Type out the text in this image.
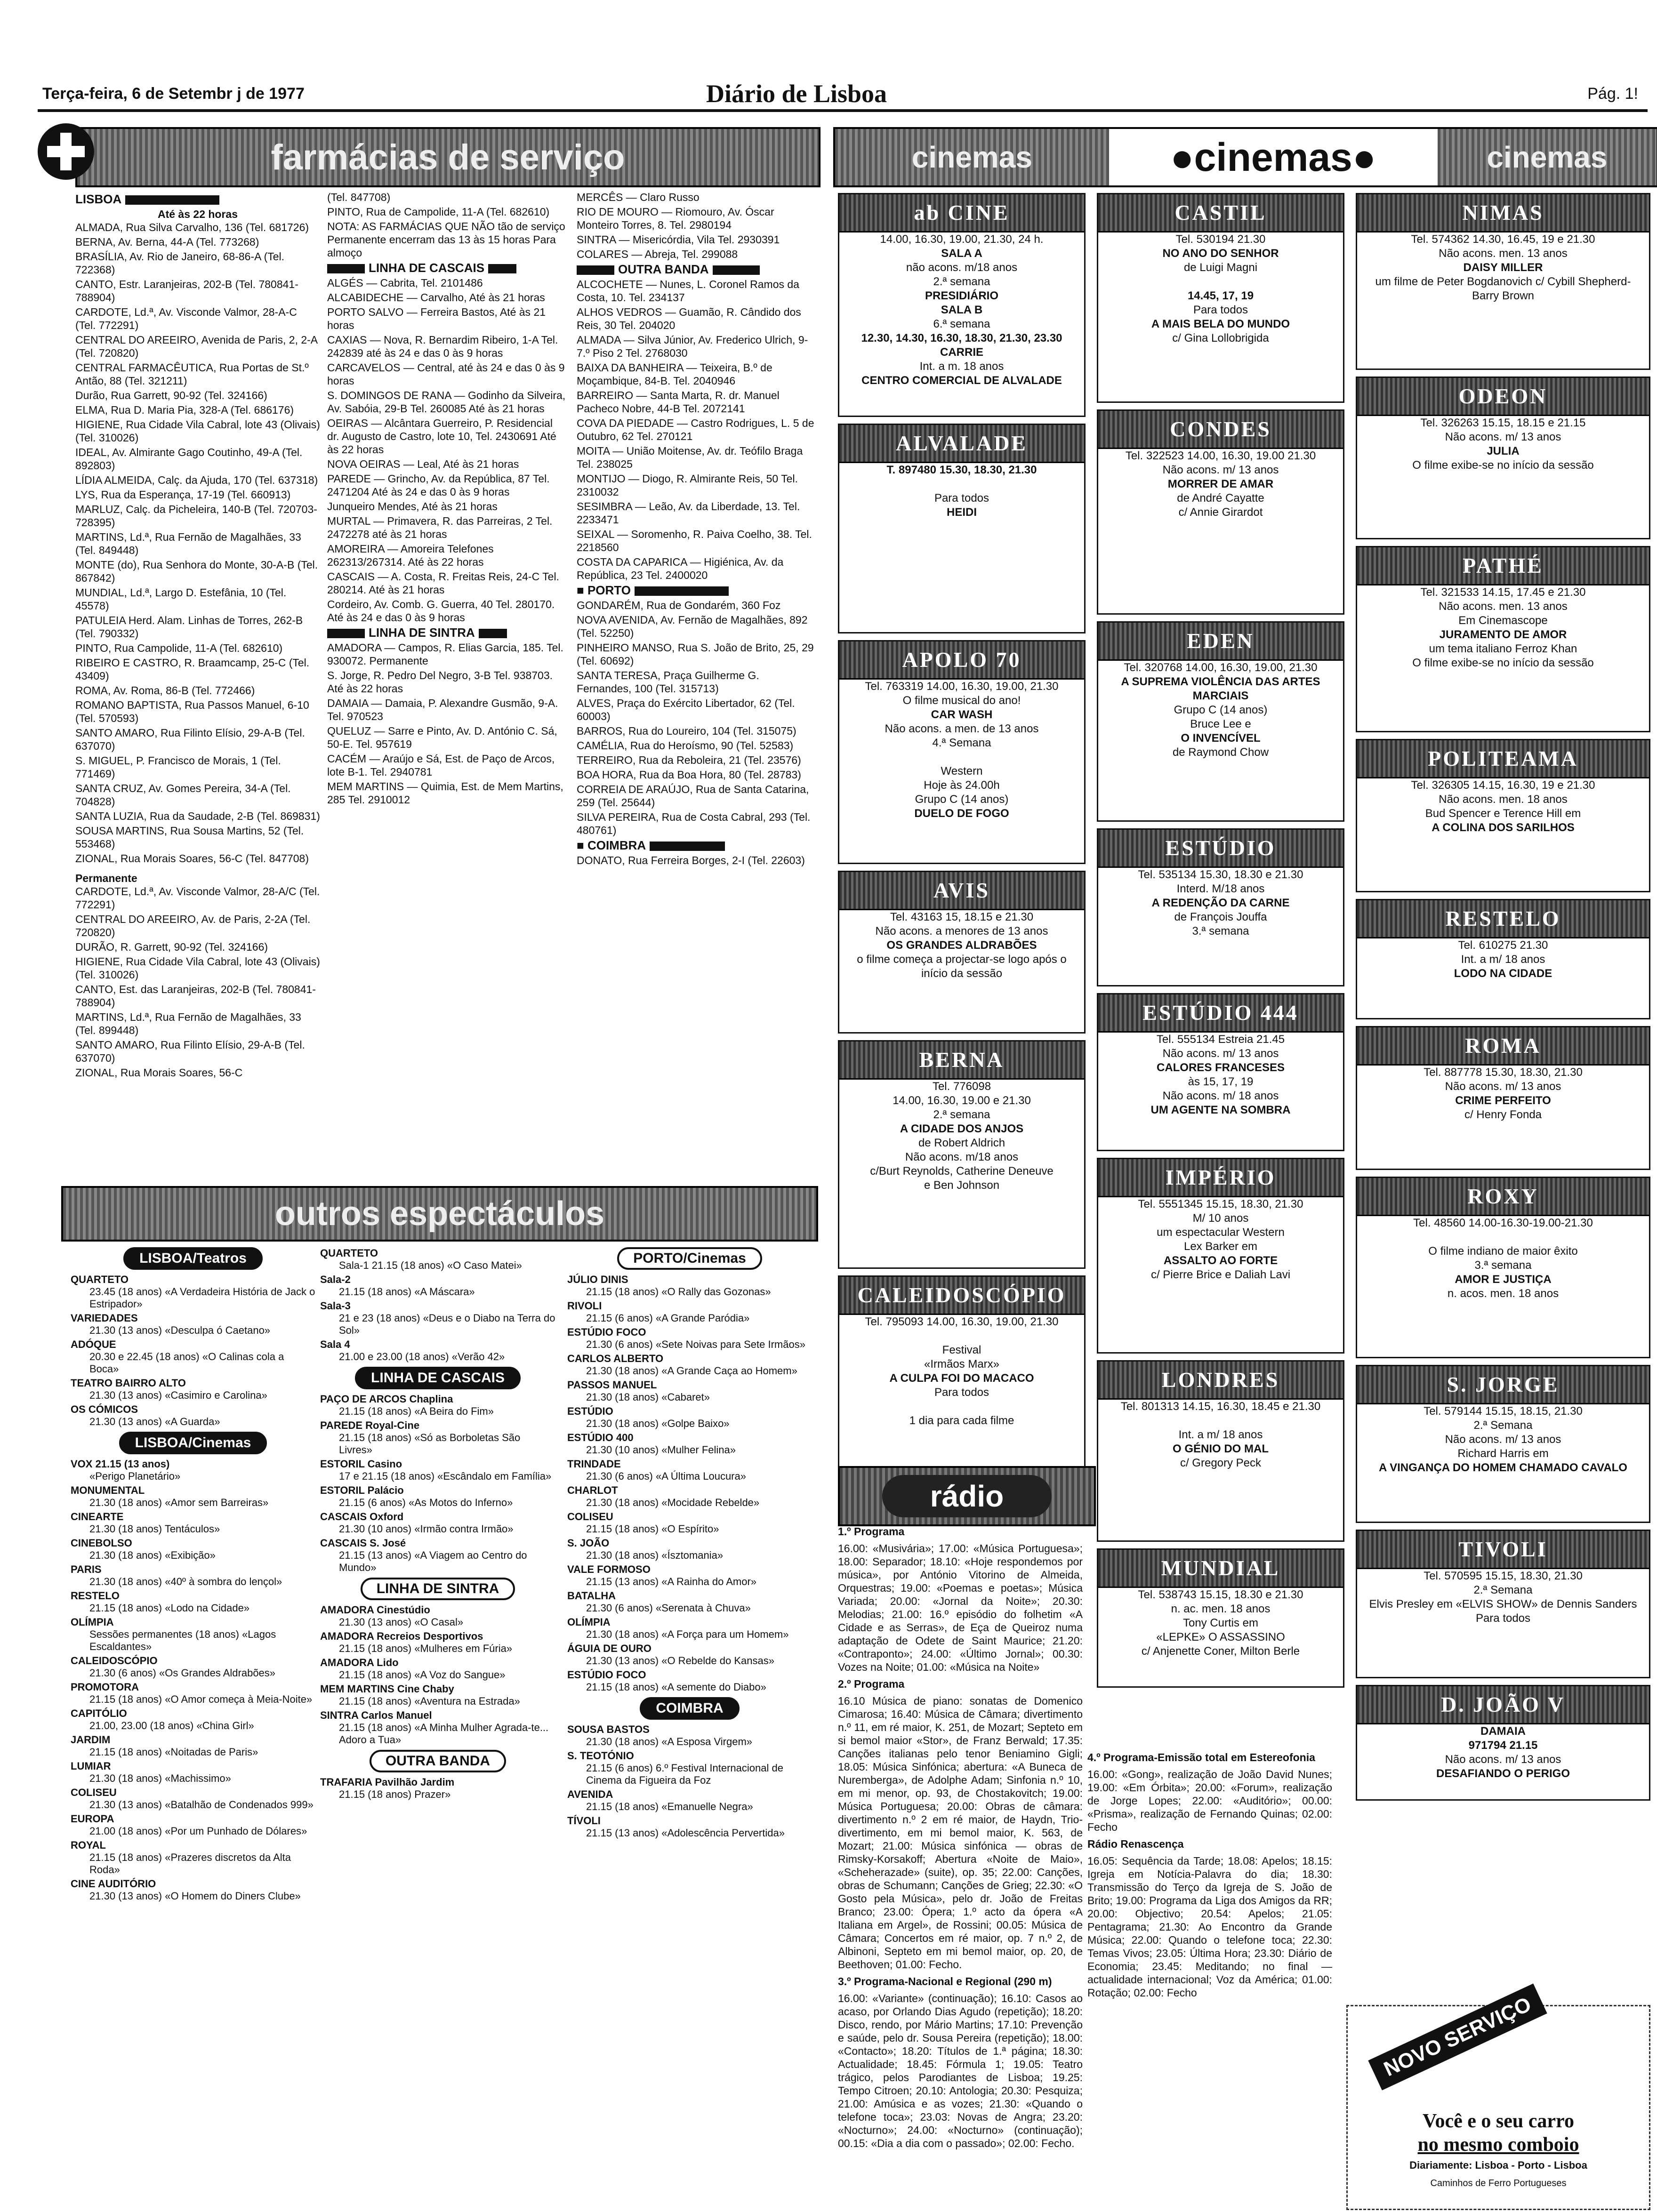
Terça-feira, 6 de Setembr j de 1977	Diário de Lisboa	Pág. 1!
farmácias de serviço
LISBOA
Até às 22 horas
ALMADA, Rua Silva Carvalho, 136 (Tel. 681726)
BERNA, Av. Berna, 44-A (Tel. 773268)
BRASÍLIA, Av. Rio de Janeiro, 68-86-A (Tel. 722368)
CANTO, Estr. Laranjeiras, 202-B (Tel. 780841-788904)
CARDOTE, Ld.ª, Av. Visconde Valmor, 28-A-C (Tel. 772291)
CENTRAL DO AREEIRO, Avenida de Paris, 2, 2-A (Tel. 720820)
CENTRAL FARMACÊUTICA, Rua Portas de St.º Antão, 88 (Tel. 321211)
Durão, Rua Garrett, 90-92 (Tel. 324166)
ELMA, Rua D. Maria Pia, 328-A (Tel. 686176)
HIGIENE, Rua Cidade Vila Cabral, lote 43 (Olivais) (Tel. 310026)
IDEAL, Av. Almirante Gago Coutinho, 49-A (Tel. 892803)
LÍDIA ALMEIDA, Calç. da Ajuda, 170 (Tel. 637318)
LYS, Rua da Esperança, 17-19 (Tel. 660913)
MARLUZ, Calç. da Picheleira, 140-B (Tel. 720703-728395)
MARTINS, Ld.ª, Rua Fernão de Magalhães, 33 (Tel. 849448)
MONTE (do), Rua Senhora do Monte, 30-A-B (Tel. 867842)
MUNDIAL, Ld.ª, Largo D. Estefânia, 10 (Tel. 45578)
PATULEIA Herd. Alam. Linhas de Torres, 262-B (Tel. 790332)
PINTO, Rua Campolide, 11-A (Tel. 682610)
RIBEIRO E CASTRO, R. Braamcamp, 25-C (Tel. 43409)
ROMA, Av. Roma, 86-B (Tel. 772466)
ROMANO BAPTISTA, Rua Passos Manuel, 6-10 (Tel. 570593)
SANTO AMARO, Rua Filinto Elísio, 29-A-B (Tel. 637070)
S. MIGUEL, P. Francisco de Morais, 1 (Tel. 771469)
SANTA CRUZ, Av. Gomes Pereira, 34-A (Tel. 704828)
SANTA LUZIA, Rua da Saudade, 2-B (Tel. 869831)
SOUSA MARTINS, Rua Sousa Martins, 52 (Tel. 553468)
ZIONAL, Rua Morais Soares, 56-C (Tel. 847708)
Permanente
CARDOTE, Ld.ª, Av. Visconde Valmor, 28-A/C (Tel. 772291)
CENTRAL DO AREEIRO, Av. de Paris, 2-2A (Tel. 720820)
DURÃO, R. Garrett, 90-92 (Tel. 324166)
HIGIENE, Rua Cidade Vila Cabral, lote 43 (Olivais) (Tel. 310026)
CANTO, Est. das Laranjeiras, 202-B (Tel. 780841-788904)
MARTINS, Ld.ª, Rua Fernão de Magalhães, 33 (Tel. 899448)
SANTO AMARO, Rua Filinto Elísio, 29-A-B (Tel. 637070)
ZIONAL, Rua Morais Soares, 56-C
(Tel. 847708)
PINTO, Rua de Campolide, 11-A (Tel. 682610)
NOTA: AS FARMÁCIAS QUE NÃO tão de serviço Permanente encerram das 13 às 15 horas Para almoço
LINHA DE CASCAIS
ALGÉS — Cabrita, Tel. 2101486
ALCABIDECHE — Carvalho, Até às 21 horas
PORTO SALVO — Ferreira Bastos, Até às 21 horas
CAXIAS — Nova, R. Bernardim Ribeiro, 1-A Tel. 242839 até às 24 e das 0 às 9 horas
CARCAVELOS — Central, até às 24 e das 0 às 9 horas
S. DOMINGOS DE RANA — Godinho da Silveira, Av. Sabóia, 29-B Tel. 260085 Até às 21 horas
OEIRAS — Alcântara Guerreiro, P. Residencial dr. Augusto de Castro, lote 10, Tel. 2430691 Até às 22 horas
NOVA OEIRAS — Leal, Até às 21 horas
PAREDE — Grincho, Av. da República, 87 Tel. 2471204 Até às 24 e das 0 às 9 horas
Junqueiro Mendes, Até às 21 horas
MURTAL — Primavera, R. das Parreiras, 2 Tel. 2472278 até às 21 horas
AMOREIRA — Amoreira Telefones 262313/267314. Até às 22 horas
CASCAIS — A. Costa, R. Freitas Reis, 24-C Tel. 280214. Até às 21 horas
Cordeiro, Av. Comb. G. Guerra, 40 Tel. 280170. Até às 24 e das 0 às 9 horas
LINHA DE SINTRA
AMADORA — Campos, R. Elias Garcia, 185. Tel. 930072. Permanente
S. Jorge, R. Pedro Del Negro, 3-B Tel. 938703. Até às 22 horas
DAMAIA — Damaia, P. Alexandre Gusmão, 9-A. Tel. 970523
QUELUZ — Sarre e Pinto, Av. D. António C. Sá, 50-E. Tel. 957619
CACÉM — Araújo e Sá, Est. de Paço de Arcos, lote B-1. Tel. 2940781
MEM MARTINS — Quimia, Est. de Mem Martins, 285 Tel. 2910012
MERCÊS — Claro Russo
RIO DE MOURO — Riomouro, Av. Óscar Monteiro Torres, 8. Tel. 2980194
SINTRA — Misericórdia, Vila Tel. 2930391
COLARES — Abreja, Tel. 299088
OUTRA BANDA
ALCOCHETE — Nunes, L. Coronel Ramos da Costa, 10. Tel. 234137
ALHOS VEDROS — Guamão, R. Cândido dos Reis, 30 Tel. 204020
ALMADA — Silva Júnior, Av. Frederico Ulrich, 9-7.º Piso 2 Tel. 2768030
BAIXA DA BANHEIRA — Teixeira, B.º de Moçambique, 84-B. Tel. 2040946
BARREIRO — Santa Marta, R. dr. Manuel Pacheco Nobre, 44-B Tel. 2072141
COVA DA PIEDADE — Castro Rodrigues, L. 5 de Outubro, 62 Tel. 270121
MOITA — União Moitense, Av. dr. Teófilo Braga Tel. 238025
MONTIJO — Diogo, R. Almirante Reis, 50 Tel. 2310032
SESIMBRA — Leão, Av. da Liberdade, 13. Tel. 2233471
SEIXAL — Soromenho, R. Paiva Coelho, 38. Tel. 2218560
COSTA DA CAPARICA — Higiénica, Av. da República, 23 Tel. 2400020
■ PORTO
GONDARÉM, Rua de Gondarém, 360 Foz
NOVA AVENIDA, Av. Fernão de Magalhães, 892 (Tel. 52250)
PINHEIRO MANSO, Rua S. João de Brito, 25, 29 (Tel. 60692)
SANTA TERESA, Praça Guilherme G. Fernandes, 100 (Tel. 315713)
ALVES, Praça do Exército Libertador, 62 (Tel. 60003)
BARROS, Rua do Loureiro, 104 (Tel. 315075)
CAMÉLIA, Rua do Heroísmo, 90 (Tel. 52583)
TERREIRO, Rua da Reboleira, 21 (Tel. 23576)
BOA HORA, Rua da Boa Hora, 80 (Tel. 28783)
CORREIA DE ARAÚJO, Rua de Santa Catarina, 259 (Tel. 25644)
SILVA PEREIRA, Rua de Costa Cabral, 293 (Tel. 480761)
■ COIMBRA
DONATO, Rua Ferreira Borges, 2-I (Tel. 22603)
outros espectáculos
LISBOA/Teatros
QUARTETO
23.45 (18 anos) «A Verdadeira História de Jack o Estripador»
VARIEDADES
21.30 (13 anos) «Desculpa ó Caetano»
ADÓQUE
20.30 e 22.45 (18 anos) «O Calinas cola a Boca»
TEATRO BAIRRO ALTO
21.30 (13 anos) «Casimiro e Carolina»
OS CÓMICOS
21.30 (13 anos) «A Guarda»
LISBOA/Cinemas
VOX 21.15 (13 anos)
«Perigo Planetário»
MONUMENTAL
21.30 (18 anos) «Amor sem Barreiras»
CINEARTE
21.30 (18 anos) Tentáculos»
CINEBOLSO
21.30 (18 anos) «Exibição»
PARIS
21.30 (18 anos) «40º à sombra do lençol»
RESTELO
21.15 (18 anos) «Lodo na Cidade»
OLÍMPIA
Sessões permanentes (18 anos) «Lagos Escaldantes»
CALEIDOSCÓPIO
21.30 (6 anos) «Os Grandes Aldrabões»
PROMOTORA
21.15 (18 anos) «O Amor começa à Meia-Noite»
CAPITÓLIO
21.00, 23.00 (18 anos) «China Girl»
JARDIM
21.15 (18 anos) «Noitadas de Paris»
LUMIAR
21.30 (18 anos) «Machissimo»
COLISEU
21.30 (13 anos) «Batalhão de Condenados 999»
EUROPA
21.00 (18 anos) «Por um Punhado de Dólares»
ROYAL
21.15 (18 anos) «Prazeres discretos da Alta Roda»
CINE AUDITÓRIO
21.30 (13 anos) «O Homem do Diners Clube»
QUARTETO
Sala-1 21.15 (18 anos) «O Caso Matei»
Sala-2
21.15 (18 anos) «A Máscara»
Sala-3
21 e 23 (18 anos) «Deus e o Diabo na Terra do Sol»
Sala 4
21.00 e 23.00 (18 anos) «Verão 42»
LINHA DE CASCAIS
PAÇO DE ARCOS Chaplina
21.15 (18 anos) «A Beira do Fim»
PAREDE Royal-Cine
21.15 (18 anos) «Só as Borboletas São Livres»
ESTORIL Casino
17 e 21.15 (18 anos) «Escândalo em Família»
ESTORIL Palácio
21.15 (6 anos) «As Motos do Inferno»
CASCAIS Oxford
21.30 (10 anos) «Irmão contra Irmão»
CASCAIS S. José
21.15 (13 anos) «A Viagem ao Centro do Mundo»
LINHA DE SINTRA
AMADORA Cinestúdio
21.30 (13 anos) «O Casal»
AMADORA Recreios Desportivos
21.15 (18 anos) «Mulheres em Fúria»
AMADORA Lido
21.15 (18 anos) «A Voz do Sangue»
MEM MARTINS Cine Chaby
21.15 (18 anos) «Aventura na Estrada»
SINTRA Carlos Manuel
21.15 (18 anos) «A Minha Mulher Agrada-te... Adoro a Tua»
OUTRA BANDA
TRAFARIA Pavilhão Jardim
21.15 (18 anos) Prazer»
PORTO/Cinemas
JÚLIO DINIS
21.15 (18 anos) «O Rally das Gozonas»
RIVOLI
21.15 (6 anos) «A Grande Paródia»
ESTÚDIO FOCO
21.30 (6 anos) «Sete Noivas para Sete Irmãos»
CARLOS ALBERTO
21.30 (18 anos) «A Grande Caça ao Homem»
PASSOS MANUEL
21.30 (18 anos) «Cabaret»
ESTÚDIO
21.30 (18 anos) «Golpe Baixo»
ESTÚDIO 400
21.30 (10 anos) «Mulher Felina»
TRINDADE
21.30 (6 anos) «A Última Loucura»
CHARLOT
21.30 (18 anos) «Mocidade Rebelde»
COLISEU
21.15 (18 anos) «O Espírito»
S. JOÃO
21.30 (18 anos) «Ísztomania»
VALE FORMOSO
21.15 (13 anos) «A Rainha do Amor»
BATALHA
21.30 (6 anos) «Serenata à Chuva»
OLÍMPIA
21.30 (18 anos) «A Força para um Homem»
ÁGUIA DE OURO
21.30 (13 anos) «O Rebelde do Kansas»
ESTÚDIO FOCO
21.15 (18 anos) «A semente do Diabo»
COIMBRA
SOUSA BASTOS
21.30 (18 anos) «A Esposa Virgem»
S. TEOTÓNIO
21.15 (6 anos) 6.º Festival Internacional de Cinema da Figueira da Foz
AVENIDA
21.15 (18 anos) «Emanuelle Negra»
TÍVOLI
21.15 (13 anos) «Adolescência Pervertida»
cinemas	●cinemas●	cinemas
ab CINE
14.00, 16.30, 19.00, 21.30, 24 h.
SALA A
não acons. m/18 anos
2.ª semana
PRESIDIÁRIO
SALA B
6.ª semana
12.30, 14.30, 16.30, 18.30, 21.30, 23.30
CARRIE
Int. a m. 18 anos
CENTRO COMERCIAL DE ALVALADE
ALVALADE
T. 897480 15.30, 18.30, 21.30

Para todos
HEIDI
APOLO 70
Tel. 763319 14.00, 16.30, 19.00, 21.30
O filme musical do ano!
CAR WASH
Não acons. a men. de 13 anos
4.ª Semana

Western
Hoje às 24.00h
Grupo C (14 anos)
DUELO DE FOGO
AVIS
Tel. 43163 15, 18.15 e 21.30
Não acons. a menores de 13 anos
OS GRANDES ALDRABÕES
o filme começa a projectar-se logo após o início da sessão
BERNA
Tel. 776098
14.00, 16.30, 19.00 e 21.30
2.ª semana
A CIDADE DOS ANJOS
de Robert Aldrich
Não acons. m/18 anos
c/Burt Reynolds, Catherine Deneuve
e Ben Johnson
CALEIDOSCÓPIO
Tel. 795093 14.00, 16.30, 19.00, 21.30

Festival
«Irmãos Marx»
A CULPA FOI DO MACACO
Para todos

1 dia para cada filme
CASTIL
Tel. 530194 21.30
NO ANO DO SENHOR
de Luigi Magni

14.45, 17, 19
Para todos
A MAIS BELA DO MUNDO
c/ Gina Lollobrigida
CONDES
Tel. 322523 14.00, 16.30, 19.00 21.30
Não acons. m/ 13 anos
MORRER DE AMAR
de André Cayatte
c/ Annie Girardot
EDEN
Tel. 320768 14.00, 16.30, 19.00, 21.30
A SUPREMA VIOLÊNCIA DAS ARTES MARCIAIS
Grupo C (14 anos)
Bruce Lee e
O INVENCÍVEL
de Raymond Chow
ESTÚDIO
Tel. 535134 15.30, 18.30 e 21.30
Interd. M/18 anos
A REDENÇÃO DA CARNE
de François Jouffa
3.ª semana
ESTÚDIO 444
Tel. 555134 Estreia 21.45
Não acons. m/ 13 anos
CALORES FRANCESES
às 15, 17, 19
Não acons. m/ 18 anos
UM AGENTE NA SOMBRA
IMPÉRIO
Tel. 5551345 15.15, 18.30, 21.30
M/ 10 anos
um espectacular Western
Lex Barker em
ASSALTO AO FORTE
c/ Pierre Brice e Daliah Lavi
LONDRES
Tel. 801313 14.15, 16.30, 18.45 e 21.30

Int. a m/ 18 anos
O GÉNIO DO MAL
c/ Gregory Peck
MUNDIAL
Tel. 538743 15.15, 18.30 e 21.30
n. ac. men. 18 anos
Tony Curtis em
«LEPKE» O ASSASSINO
c/ Anjenette Coner, Milton Berle
NIMAS
Tel. 574362 14.30, 16.45, 19 e 21.30
Não acons. men. 13 anos
DAISY MILLER
um filme de Peter Bogdanovich c/ Cybill Shepherd-Barry Brown
ODEON
Tel. 326263 15.15, 18.15 e 21.15
Não acons. m/ 13 anos
JULIA
O filme exibe-se no início da sessão
PATHÉ
Tel. 321533 14.15, 17.45 e 21.30
Não acons. men. 13 anos
Em Cinemascope
JURAMENTO DE AMOR
um tema italiano Ferroz Khan
O filme exibe-se no início da sessão
POLITEAMA
Tel. 326305 14.15, 16.30, 19 e 21.30
Não acons. men. 18 anos
Bud Spencer e Terence Hill em
A COLINA DOS SARILHOS
RESTELO
Tel. 610275 21.30
Int. a m/ 18 anos
LODO NA CIDADE
ROMA
Tel. 887778 15.30, 18.30, 21.30
Não acons. m/ 13 anos
CRIME PERFEITO
c/ Henry Fonda
ROXY
Tel. 48560 14.00-16.30-19.00-21.30

O filme indiano de maior êxito
3.ª semana
AMOR E JUSTIÇA
n. acos. men. 18 anos
S. JORGE
Tel. 579144 15.15, 18.15, 21.30
2.ª Semana
Não acons. m/ 13 anos
Richard Harris em
A VINGANÇA DO HOMEM CHAMADO CAVALO
TIVOLI
Tel. 570595 15.15, 18.30, 21.30
2.ª Semana
Elvis Presley em «ELVIS SHOW» de Dennis Sanders
Para todos
D. JOÃO V
DAMAIA
971794 21.15
Não acons. m/ 13 anos
DESAFIANDO O PERIGO
rádio

1.º Programa

16.00: «Musivária»; 17.00: «Música Portuguesa»; 18.00: Separador; 18.10: «Hoje respondemos por música», por António Vitorino de Almeida, Orquestras; 19.00: «Poemas e poetas»; Música Variada; 20.00: «Jornal da Noite»; 20.30: Melodias; 21.00: 16.º episódio do folhetim «A Cidade e as Serras», de Eça de Queiroz numa adaptação de Odete de Saint Maurice; 21.20: «Contraponto»; 24.00: «Último Jornal»; 00.30: Vozes na Noite; 01.00: «Música na Noite»

2.º Programa

16.10 Música de piano: sonatas de Domenico Cimarosa; 16.40: Música de Câmara; divertimento n.º 11, em ré maior, K. 251, de Mozart; Septeto em si bemol maior «Stor», de Franz Berwald; 17.35: Canções italianas pelo tenor Beniamino Gigli; 18.05: Música Sinfónica; abertura: «A Buneca de Nuremberga», de Adolphe Adam; Sinfonia n.º 10, em mi menor, op. 93, de Chostakovitch; 19.00: Música Portuguesa; 20.00: Obras de câmara: divertimento n.º 2 em ré maior, de Haydn, Trio-divertimento, em mi bemol maior, K. 563, de Mozart; 21.00: Música sinfónica — obras de Rimsky-Korsakoff; Abertura «Noite de Maio», «Scheherazade» (suite), op. 35; 22.00: Canções, obras de Schumann; Canções de Grieg; 22.30: «O Gosto pela Música», pelo dr. João de Freitas Branco; 23.00: Ópera; 1.º acto da ópera «A Italiana em Argel», de Rossini; 00.05: Música de Câmara; Concertos em ré maior, op. 7 n.º 2, de Albinoni, Septeto em mi bemol maior, op. 20, de Beethoven; 01.00: Fecho.

3.º Programa-Nacional e Regional (290 m)

16.00: «Variante» (continuação); 16.10: Casos ao acaso, por Orlando Dias Agudo (repetição); 18.20: Disco, rendo, por Mário Martins; 17.10: Prevenção e saúde, pelo dr. Sousa Pereira (repetição); 18.00: «Contacto»; 18.20: Títulos de 1.ª página; 18.30: Actualidade; 18.45: Fórmula 1; 19.05: Teatro trágico, pelos Parodiantes de Lisboa; 19.25: Tempo Citroen; 20.10: Antologia; 20.30: Pesquiza; 21.00: Amúsica e as vozes; 21.30: «Quando o telefone toca»; 23.03: Novas de Angra; 23.20: «Nocturno»; 24.00: «Nocturno» (continuação); 00.15: «Dia a dia com o passado»; 02.00: Fecho.

4.º Programa-Emissão total em Estereofonia

16.00: «Gong», realização de João David Nunes; 19.00: «Em Órbita»; 20.00: «Forum», realização de Jorge Lopes; 22.00: «Auditório»; 00.00: «Prisma», realização de Fernando Quinas; 02.00: Fecho

Rádio Renascença

16.05: Sequência da Tarde; 18.08: Apelos; 18.15: Igreja em Notícia-Palavra do dia; 18.30: Transmissão do Terço da Igreja de S. João de Brito; 19.00: Programa da Liga dos Amigos da RR; 20.00: Objectivo; 20.54: Apelos; 21.05: Pentagrama; 21.30: Ao Encontro da Grande Música; 22.00: Quando o telefone toca; 22.30: Temas Vivos; 23.05: Última Hora; 23.30: Diário de Economia; 23.45: Meditando; no final — actualidade internacional; Voz da América; 01.00: Rotação; 02.00: Fecho	NOVO SERVIÇO
Você e o seu carro
no mesmo comboio
Diariamente: Lisboa - Porto - Lisboa
Caminhos de Ferro Portugueses
